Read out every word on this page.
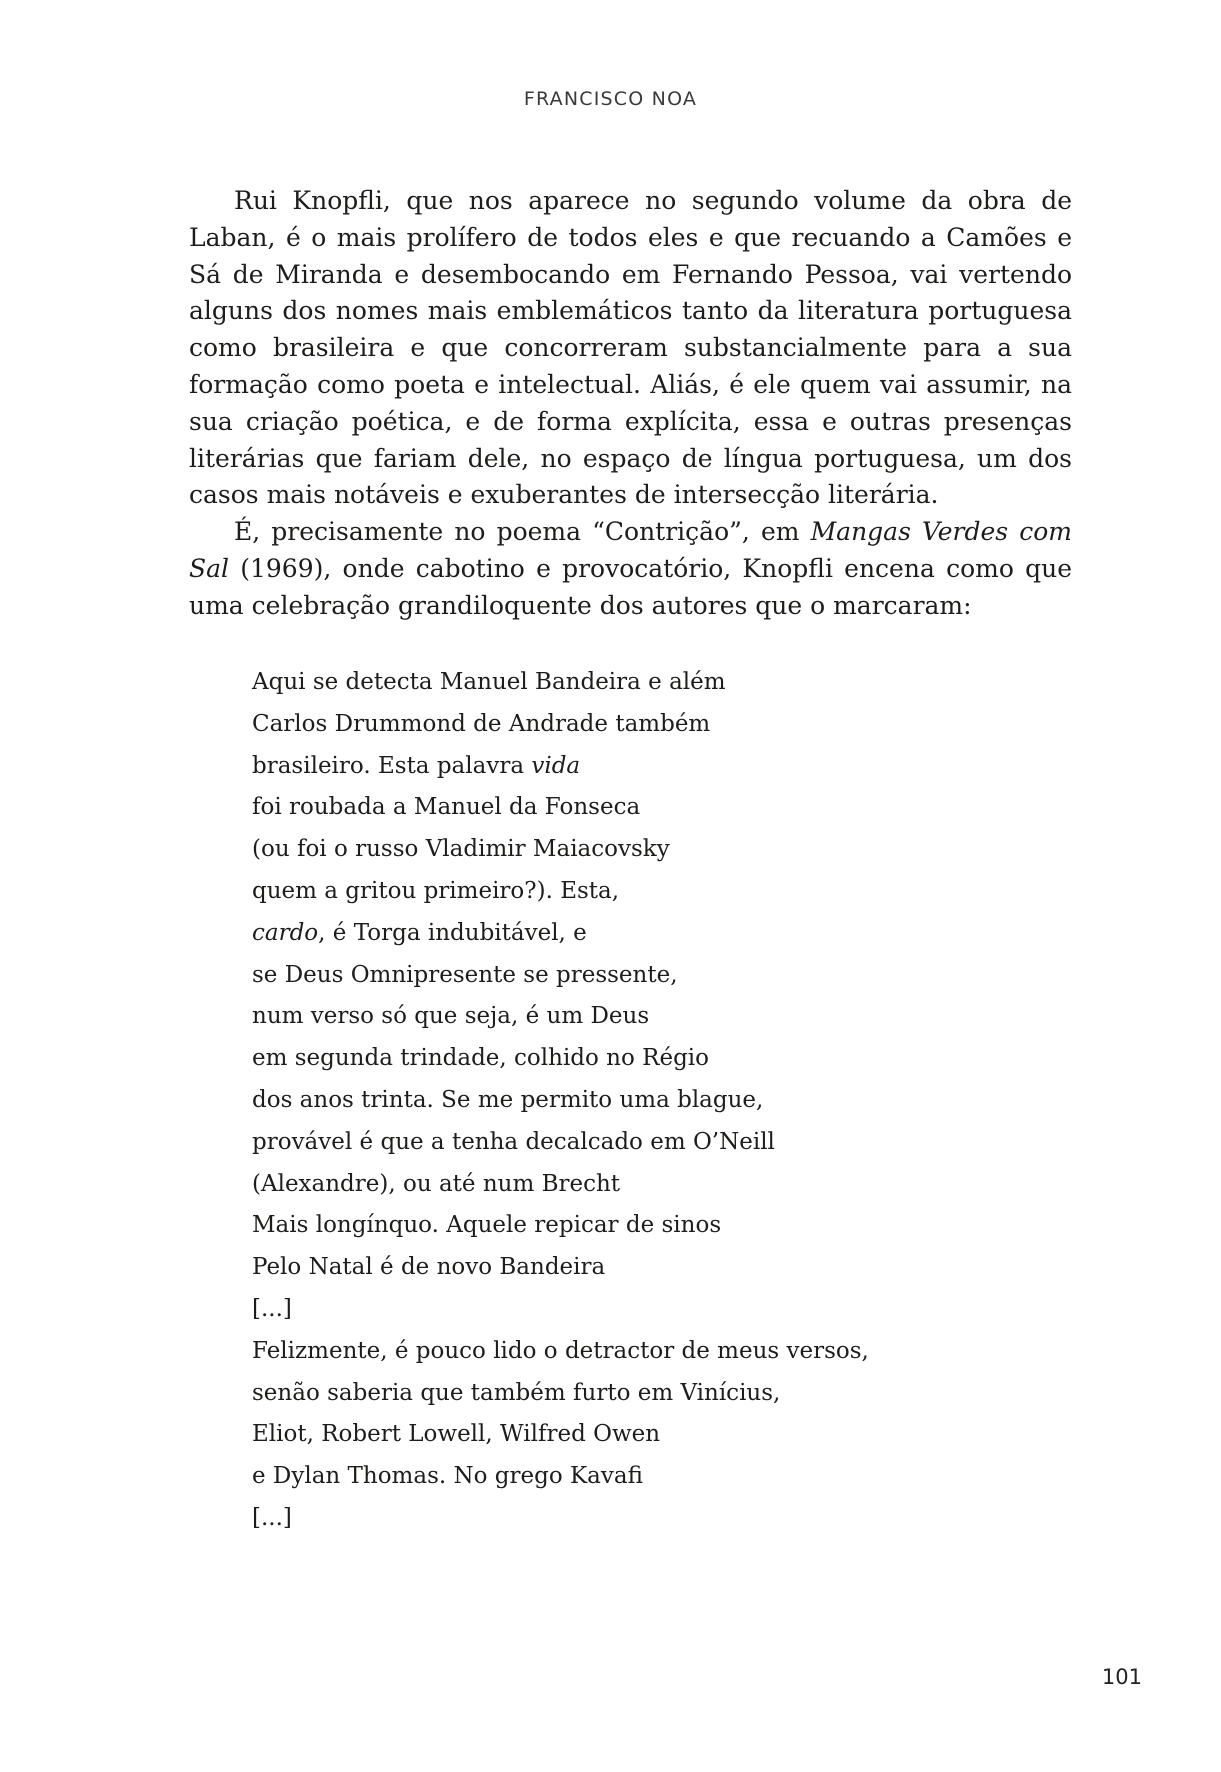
FRANCISCO NOA

Rui Knopfli, que nos aparece no segundo volume da obra de Laban, é o mais prolífero de todos eles e que recuando a Camões e Sá de Miranda e desembocando em Fernando Pessoa, vai vertendo alguns dos nomes mais emblemáticos tanto da literatura portuguesa como brasileira e que concorreram substancialmente para a sua formação como poeta e intelectual. Aliás, é ele quem vai assumir, na sua criação poética, e de forma explícita, essa e outras presenças literárias que fariam dele, no espaço de língua portuguesa, um dos casos mais notáveis e exuberantes de intersecção literária.

É, precisamente no poema “Contrição”, em Mangas Verdes com Sal (1969), onde cabotino e provocatório, Knopfli encena como que uma celebração grandiloquente dos autores que o marcaram:

Aqui se detecta Manuel Bandeira e além
Carlos Drummond de Andrade também
brasileiro. Esta palavra vida
foi roubada a Manuel da Fonseca
(ou foi o russo Vladimir Maiacovsky
quem a gritou primeiro?). Esta,
cardo, é Torga indubitável, e
se Deus Omnipresente se pressente,
num verso só que seja, é um Deus
em segunda trindade, colhido no Régio
dos anos trinta. Se me permito uma blague,
provável é que a tenha decalcado em O’Neill
(Alexandre), ou até num Brecht
Mais longínquo. Aquele repicar de sinos
Pelo Natal é de novo Bandeira
[...]
Felizmente, é pouco lido o detractor de meus versos,
senão saberia que também furto em Vinícius,
Eliot, Robert Lowell, Wilfred Owen
e Dylan Thomas. No grego Kavafi
[...]
101
